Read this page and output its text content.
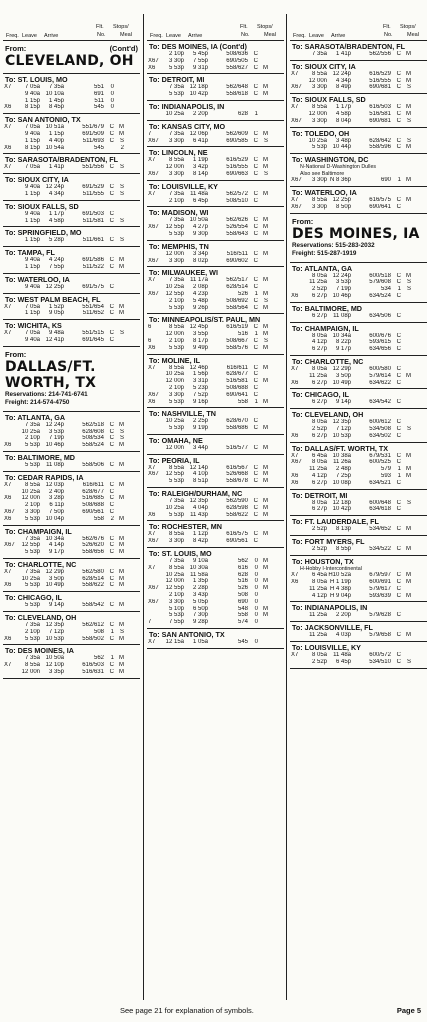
Freq. Leave Arrive
Flt.
No.
Stops/
Meal
From:	(Cont'd)
CLEVELAND, OH
To: ST. LOUIS, MO
X7	7 05a	7 35a	551	0
9 40a 10 10a	691	0
1 15p	1 45p	511	0
X6	8 15p	8 45p	545	0
To: SAN ANTONIO, TX
X7	7 05a 10 51a	551/679 C M
9 40a	1 15p	691/509 C M
1 15p	4 40p	511/693 C S
X6	8 15p 10 54a	545	2
To: SARASOTA/BRADENTON, FL
X7	7 05a	1 41p	551/556 C S
To: SIOUX CITY, IA
9 40a 12 24p	691/529 C S
1 15p	4 34p	511/555 C S
To: SIOUX FALLS, SD
9 40a	1 17p	691/503 C
1 15p	4 58p	511/581 C S
To: SPRINGFIELD, MO
1 15p	5 28p	511/661 C S
To: TAMPA, FL
9 40a	4 24p	691/586 C M
1 15p	7 55p	511/522 C M
To: WATERLOO, IA
9 40a 12 25p	691/575 C
To: WEST PALM BEACH, FL
X7	7 05a	1 52p	551/654 C M
1 15p	9 05p	511/652 C M
To: WICHITA, KS
X7	7 05a	9 48a	551/515 C S
9 40a 12 41p	691/645 C
From:
DALLAS/FT.
WORTH, TX
Reservations: 214-741-6741
Freight: 214-574-4750
To: ATLANTA, GA
7 35a 12 24p	562/518 C M
10 25a	3 53p	628/608 C S
2 10p	7 19p	508/534 C S
X6	5 53p 10 46p	558/524 C M
To: BALTIMORE, MD
5 53p	11 08p	558/506 C M
To: CEDAR RAPIDS, IA
X7	8 55a 12 03p	616/611 C M
10 25a	2 40p	628/677 C
X6	12 00n	3 28p	516/685 C M
2 10p	6 11p	508/688 C
X67	3 30p	7 50p	690/561 C
X6	5 53p 10 04p	558	2 M
To: CHAMPAIGN, IL
7 35a 10 34a	562/676 C M
X67	12 55p	4 14p	526/620 C M
5 53p	9 17p	558/656 C M
To: CHARLOTTE, NC
X7	7 35a 12 29p	562/580 C M
10 25a	3 50p	628/514 C M
X6	5 53p 10 49p	558/622 C M
To: CHICAGO, IL
5 53p	9 14p	558/542 C M
To: CLEVELAND, OH
7 35a 12 35p	562/612 C M
2 10p	7 12p	508	1 S
X6	5 53p 10 53p	558/502 C M
To: DES MOINES, IA
7 35a 10 50a	562	1 M
X7	8 55a 12 10p	616/503 C M
12 00n	3 35p	516/631 C M
Freq. Leave Arrive
Flt.
No.
Stops/
Meal
To: DES MOINES, IA (Cont'd)
2 10p	5 45p	508/636 C
X67	3 30p	7 55p	690/505 C
X6	5 53p	9 31p	558/627 C M
To: DETROIT, MI
7 35a 12 18p	562/648 C M
5 53p 10 42p	558/618 C M
To: INDIANAPOLIS, IN
10 25a	2 20p	628	1
To: KANSAS CITY, MO
7	7 35a 12 06p	562/609 C M
X67	3 30p	6 41p	690/585 C S
To: LINCOLN, NE
X7	8 55a	1 19p	616/529 C M
12 00n	3 42p	516/555 C M
X67	3 30p	8 14p	690/663 C S
To: LOUISVILLE, KY
X7	7 35a	11 48a	562/572 C M
2 10p	6 45p	508/510 C
To: MADISON, WI
7 35a 10 50a	562/626 C M
X67	12 55p	4 27p	526/554 C M
5 53p	9 30p	558/643 C M
To: MEMPHIS, TN
12 00n	3 34p	516/511 C M
X67	3 30p	8 02p	690/602 C
To: MILWAUKEE, WI
X7	7 35a	11 17a	562/517 C M
10 25a	2 08p	628/514 C
X67	12 55p	4 23p	526	1 M
2 10p	5 48p	508/692 C S
5 53p	9 26p	558/564 C M
To: MINNEAPOLIS/ST. PAUL, MN
6	8 55a 12 45p	616/519 C M
12 00n	3 55p	516	1 M
6	2 10p	8 17p	508/667 C S
X6	5 53p	9 49p	558/576 C M
To: MOLINE, IL
X7	8 55a 12 46p	616/611 C M
10 25a	1 56p	628/677 C
12 00n	3 31p	516/581 C M
2 10p	5 23p	508/688 C
X67	3 30p	7 52p	690/641 C
X6	5 53p	9 16p	558	1 M
To: NASHVILLE, TN
10 25a	2 25p	628/670 C
5 53p	9 19p	558/686 C M
To: OMAHA, NE
12 00n	3 44p	516/577 C M
To: PEORIA, IL
X7	8 55a 12 14p	616/567 C M
X67	12 55p	4 10p	526/668 C M
5 53p	8 51p	558/678 C M
To: RALEIGH/DURHAM, NC
7 35a 12 35p	562/590 C M
10 25a	4 04p	628/598 C M
X6	5 53p	11 43p	558/622 C M
To: ROCHESTER, MN
X7	8 55a	1 12p	616/575 C M
X67	3 30p	8 42p	690/561 C
To: ST. LOUIS, MO
7 35a	9 10a	562	0 M
X7	8 55a 10 30a	616	0 M
10 25a	11 58a	628	0
12 00n	1 35p	516	0 M
X67	12 55p	2 28p	526	0 M
2 10p	3 43p	508	0
X67	3 30p	5 05p	690	0
5 10p	6 50p	548	0 M
5 53p	7 30p	558	0 M
7	7 55p	9 28p	574	0
To: SAN ANTONIO, TX
X7	12 15a	1 05a	545	0
Freq. Leave Arrive
Flt.
No.
Stops/
Meal
To: SARASOTA/BRADENTON, FL
7 35a	1 41p	562/556 C M
To: SIOUX CITY, IA
X7	8 55a 12 24p	616/529 C M
12 00n	4 34p	516/555 C M
X67	3 30p	8 49p	690/681 C S
To: SIOUX FALLS, SD
X7	8 55a	1 17p	616/503 C M
12 00n	4 58p	516/581 C M
X67	3 30p	8 04p	690/681 C S
To: TOLEDO, OH
10 25a	3 48p	628/642 C S
5 53p 10 44p	558/596 C M
To: WASHINGTON, DC
N-National D-Washington Dulles
Also see Baltimore
X67	3 30p N 8 36p	690	1 M
To: WATERLOO, IA
X7	8 55a 12 25p	616/575 C M
X67	3 30p	8 50p	690/641 C
From:
DES MOINES, IA
Reservations: 515-283-2032
Freight: 515-287-1919
To: ATLANTA, GA
8 05a 12 24p	600/518 C M
11 25a	3 53p	579/608 C S
2 52p	7 19p	534	1 S
X6	6 27p 10 46p	634/524 C
To: BALTIMORE, MD
6 27p	11 08p	634/506 C
To: CHAMPAIGN, IL
8 05a 10 34a	600/676 C
4 12p	8 22p	593/615 C
6 27p	9 17p	634/656 C
To: CHARLOTTE, NC
X7	8 05a 12 29p	600/580 C
11 25a	3 50p	579/614 C M
X6	6 27p 10 49p	634/622 C
To: CHICAGO, IL
6 27p	9 14p	634/542 C
To: CLEVELAND, OH
8 05a 12 35p	600/612 C
2 52p	7 12p	534/508 C S
X6	6 27p 10 53p	634/502 C
To: DALLAS/FT. WORTH, TX
X7	6 45a 10 38a	679/531 C M
X67	8 05a	11 26a	600/525 C
11 25a	2 48p	579	1 M
X6	4 12p	7 25p	593	1 M
X6	6 27p 10 08p	634/521 C
To: DETROIT, MI
8 05a 12 18p	600/648 C S
6 27p 10 42p	634/618 C
To: FT. LAUDERDALE, FL
2 52p	8 13p	534/652 C M
To: FORT MYERS, FL
2 52p	8 55p	534/522 C M
To: HOUSTON, TX
H-Hobby I-Intercontinental
X7	6 45a H10 52a	679/597 C M
X6	8 05a H 1 19p	600/691 C M
11 25a H 4 38p	579/617 C
4 12p H 9 04p	593/639 C M
To: INDIANAPOLIS, IN
11 25a	2 20p	579/628 C
To: JACKSONVILLE, FL
11 25a	4 03p	579/658 C M
To: LOUISVILLE, KY
X7	8 05a	11 48a	600/572 C
2 52p	6 45p	534/510 C S
See page 21 for explanation of symbols.	Page 5
